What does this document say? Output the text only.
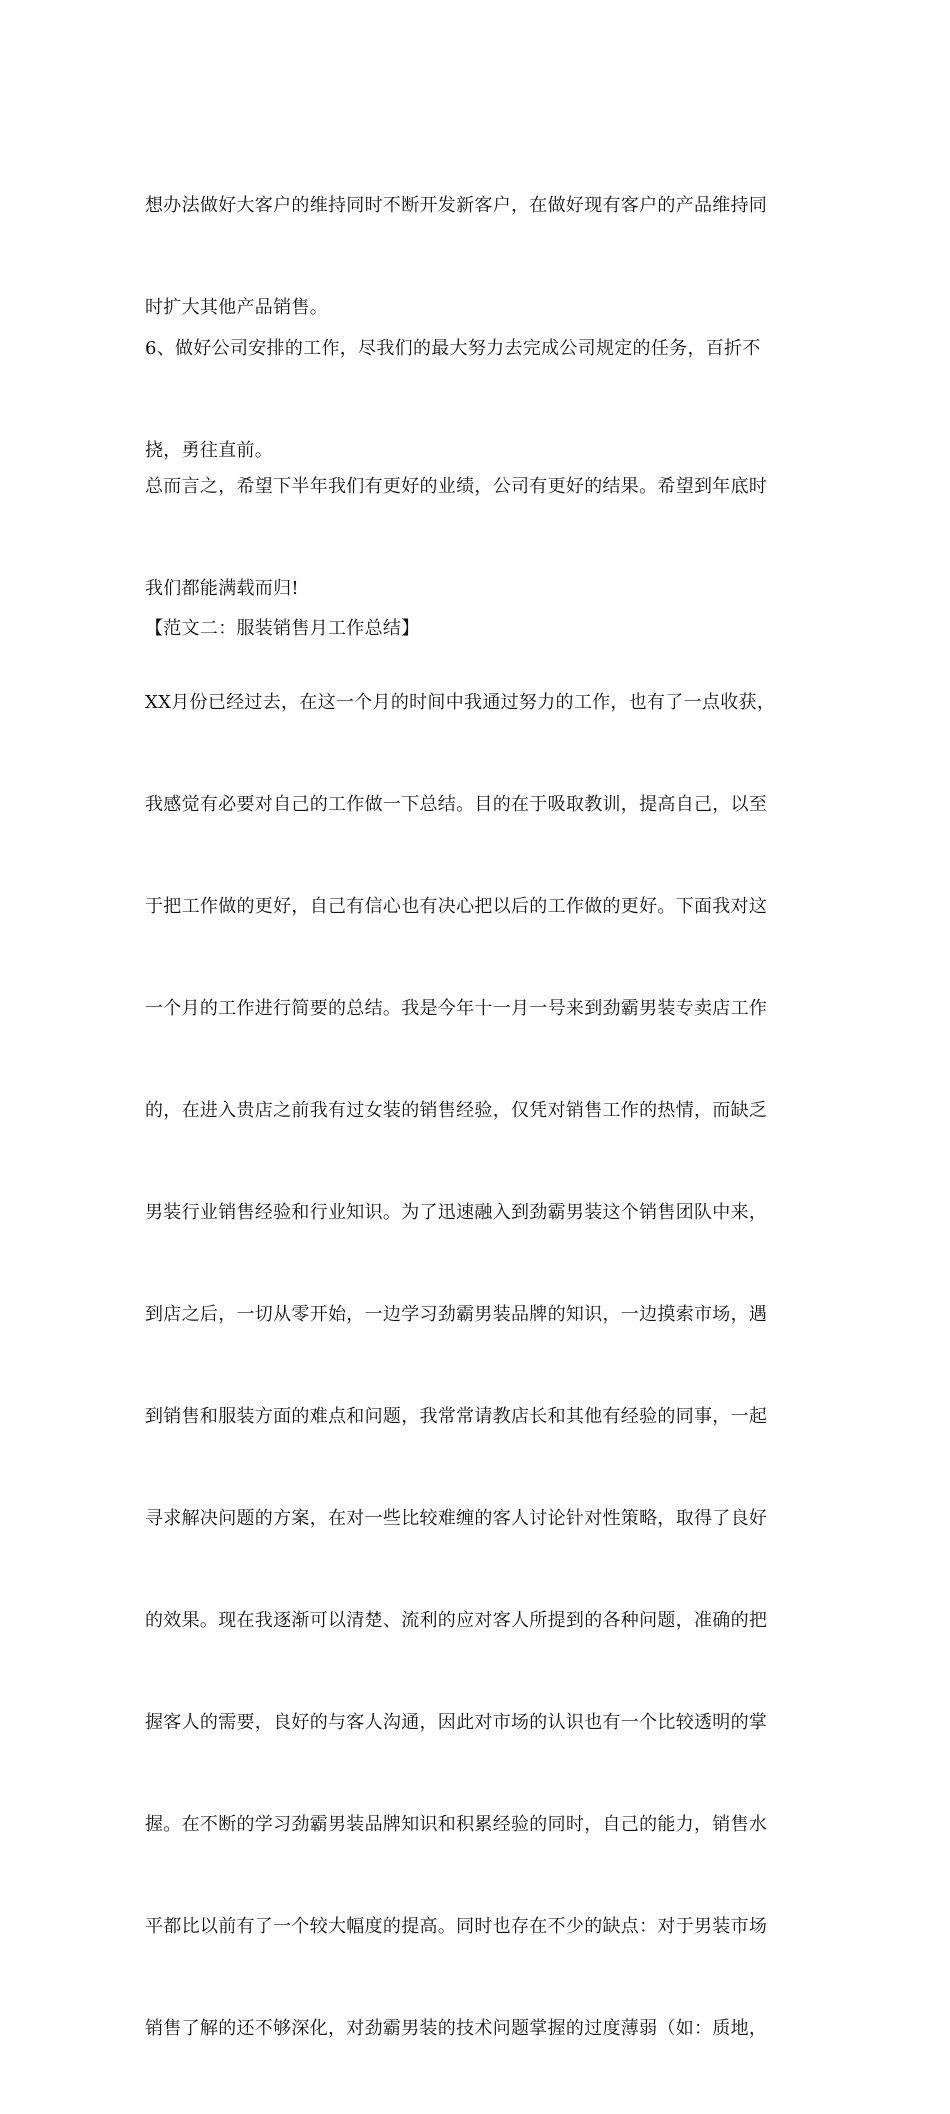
想办法做好大客户的维持同时不断开发新客户，在做好现有客户的产品维持同

时扩大其他产品销售。

6、做好公司安排的工作，尽我们的最大努力去完成公司规定的任务，百折不

挠，勇往直前。

总而言之，希望下半年我们有更好的业绩，公司有更好的结果。希望到年底时

我们都能满载而归!

【范文二：服装销售月工作总结】

XX月份已经过去，在这一个月的时间中我通过努力的工作，也有了一点收获，

我感觉有必要对自己的工作做一下总结。目的在于吸取教训，提高自己，以至

于把工作做的更好，自己有信心也有决心把以后的工作做的更好。下面我对这

一个月的工作进行简要的总结。我是今年十一月一号来到劲霸男装专卖店工作

的，在进入贵店之前我有过女装的销售经验，仅凭对销售工作的热情，而缺乏

男装行业销售经验和行业知识。为了迅速融入到劲霸男装这个销售团队中来，

到店之后，一切从零开始，一边学习劲霸男装品牌的知识，一边摸索市场，遇

到销售和服装方面的难点和问题，我常常请教店长和其他有经验的同事，一起

寻求解决问题的方案，在对一些比较难缠的客人讨论针对性策略，取得了良好

的效果。现在我逐渐可以清楚、流利的应对客人所提到的各种问题，准确的把

握客人的需要，良好的与客人沟通，因此对市场的认识也有一个比较透明的掌

握。在不断的学习劲霸男装品牌知识和积累经验的同时，自己的能力，销售水

平都比以前有了一个较大幅度的提高。同时也存在不少的缺点：对于男装市场

销售了解的还不够深化，对劲霸男装的技术问题掌握的过度薄弱（如：质地，
